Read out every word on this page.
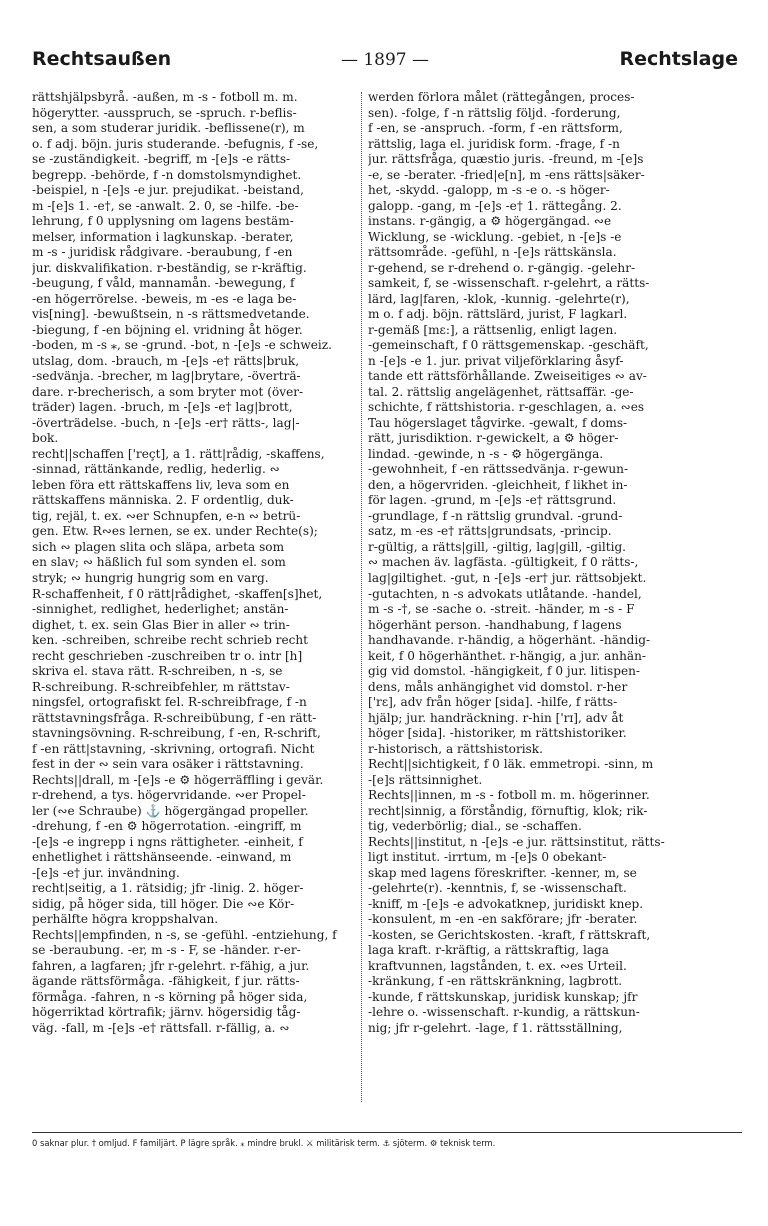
Rechtsaußen	— 1897 —	Rechtslage
rättshjälpsbyrå. -außen, m -s - fotboll m. m.
högerytter. -ausspruch, se -spruch. r-beflis-
sen, a som studerar juridik. -beflissene(r), m
o. f adj. böjn. juris studerande. -befugnis, f -se,
se -zuständigkeit. -begriff, m -[e]s -e rätts-
begrepp. -behörde, f -n domstolsmyndighet.
-beispiel, n -[e]s -e jur. prejudikat. -beistand,
m -[e]s 1. -e†, se -anwalt. 2. 0, se -hilfe. -be-
lehrung, f 0 upplysning om lagens bestäm-
melser, information i lagkunskap. -berater,
m -s - juridisk rådgivare. -beraubung, f -en
jur. diskvalifikation. r-beständig, se r-kräftig.
-beugung, f våld, mannamån. -bewegung, f
-en högerrörelse. -beweis, m -es -e laga be-
vis[ning]. -bewußtsein, n -s rättsmedvetande.
-biegung, f -en böjning el. vridning åt höger.
-boden, m -s ⁎, se -grund. -bot, n -[e]s -e schweiz.
utslag, dom. -brauch, m -[e]s -e† rätts|bruk,
-sedvänja. -brecher, m lag|brytare, -överträ-
dare. r-brecherisch, a som bryter mot (över-
träder) lagen. -bruch, m -[e]s -e† lag|brott,
-överträdelse. -buch, n -[e]s -er† rätts-, lag|-
bok.
recht||schaffen ['reçt], a 1. rätt|rådig, -skaffens,
-sinnad, rättänkande, redlig, hederlig. ∾
leben föra ett rättskaffens liv, leva som en
rättskaffens människa. 2. F ordentlig, duk-
tig, rejäl, t. ex. ∾er Schnupfen, e-n ∾ betrü-
gen. Etw. R∾es lernen, se ex. under Rechte(s);
sich ∾ plagen slita och släpa, arbeta som
en slav; ∾ häßlich ful som synden el. som
stryk; ∾ hungrig hungrig som en varg.
R-schaffenheit, f 0 rätt|rådighet, -skaffen[s]het,
-sinnighet, redlighet, hederlighet; anstän-
dighet, t. ex. sein Glas Bier in aller ∾ trin-
ken. -schreiben, schreibe recht schrieb recht
recht geschrieben -zuschreiben tr o. intr [h]
skriva el. stava rätt. R-schreiben, n -s, se
R-schreibung. R-schreibfehler, m rättstav-
ningsfel, ortografiskt fel. R-schreibfrage, f -n
rättstavningsfråga. R-schreibübung, f -en rätt-
stavningsövning. R-schreibung, f -en, R-schrift,
f -en rätt|stavning, -skrivning, ortografi. Nicht
fest in der ∾ sein vara osäker i rättstavning.
Rechts||drall, m -[e]s -e ⚙ högerräffling i gevär.
r-drehend, a tys. högervridande. ∾er Propel-
ler (∾e Schraube) ⚓ högergängad propeller.
-drehung, f -en ⚙ högerrotation. -eingriff, m
-[e]s -e ingrepp i ngns rättigheter. -einheit, f
enhetlighet i rättshänseende. -einwand, m
-[e]s -e† jur. invändning.
recht|seitig, a 1. rätsidig; jfr -linig. 2. höger-
sidig, på höger sida, till höger. Die ∾e Kör-
perhälfte högra kroppshalvan.
Rechts||empfinden, n -s, se -gefühl. -entziehung, f
se -beraubung. -er, m -s - F, se -händer. r-er-
fahren, a lagfaren; jfr r-gelehrt. r-fähig, a jur.
ägande rättsförmåga. -fähigkeit, f jur. rätts-
förmåga. -fahren, n -s körning på höger sida,
högerriktad körtrafik; järnv. högersidig tåg-
väg. -fall, m -[e]s -e† rättsfall. r-fällig, a. ∾
werden förlora målet (rättegången, proces-
sen). -folge, f -n rättslig följd. -forderung,
f -en, se -anspruch. -form, f -en rättsform,
rättslig, laga el. juridisk form. -frage, f -n
jur. rättsfråga, quæstio juris. -freund, m -[e]s
-e, se -berater. -fried|e[n], m -ens rätts|säker-
het, -skydd. -galopp, m -s -e o. -s höger-
galopp. -gang, m -[e]s -e† 1. rättegång. 2.
instans. r-gängig, a ⚙ högergängad. ∾e
Wicklung, se -wicklung. -gebiet, n -[e]s -e
rättsområde. -gefühl, n -[e]s rättskänsla.
r-gehend, se r-drehend o. r-gängig. -gelehr-
samkeit, f, se -wissenschaft. r-gelehrt, a rätts-
lärd, lag|faren, -klok, -kunnig. -gelehrte(r),
m o. f adj. böjn. rättslärd, jurist, F lagkarl.
r-gemäß [mɛ:], a rättsenlig, enligt lagen.
-gemeinschaft, f 0 rättsgemenskap. -geschäft,
n -[e]s -e 1. jur. privat viljeförklaring åsyf-
tande ett rättsförhållande. Zweiseitiges ∾ av-
tal. 2. rättslig angelägenhet, rättsaffär. -ge-
schichte, f rättshistoria. r-geschlagen, a. ∾es
Tau högerslaget tågvirke. -gewalt, f doms-
rätt, jurisdiktion. r-gewickelt, a ⚙ höger-
lindad. -gewinde, n -s - ⚙ högergänga.
-gewohnheit, f -en rättssedvänja. r-gewun-
den, a högervriden. -gleichheit, f likhet in-
för lagen. -grund, m -[e]s -e† rättsgrund.
-grundlage, f -n rättslig grundval. -grund-
satz, m -es -e† rätts|grundsats, -princip.
r-gültig, a rätts|gill, -giltig, lag|gill, -giltig.
∾ machen äv. lagfästa. -gültigkeit, f 0 rätts-,
lag|giltighet. -gut, n -[e]s -er† jur. rättsobjekt.
-gutachten, n -s advokats utlåtande. -handel,
m -s -†, se -sache o. -streit. -händer, m -s - F
högerhänt person. -handhabung, f lagens
handhavande. r-händig, a högerhänt. -händig-
keit, f 0 högerhänthet. r-hängig, a jur. anhän-
gig vid domstol. -hängigkeit, f 0 jur. litispen-
dens, måls anhängighet vid domstol. r-her
['rɛ], adv från höger [sida]. -hilfe, f rätts-
hjälp; jur. handräckning. r-hin ['rɪ], adv åt
höger [sida]. -historiker, m rättshistoriker.
r-historisch, a rättshistorisk.
Recht||sichtigkeit, f 0 läk. emmetropi. -sinn, m
-[e]s rättsinnighet.
Rechts||innen, m -s - fotboll m. m. högerinner.
recht|sinnig, a förståndig, förnuftig, klok; rik-
tig, vederbörlig; dial., se -schaffen.
Rechts||institut, n -[e]s -e jur. rättsinstitut, rätts-
ligt institut. -irrtum, m -[e]s 0 obekant-
skap med lagens föreskrifter. -kenner, m, se
-gelehrte(r). -kenntnis, f, se -wissenschaft.
-kniff, m -[e]s -e advokatknep, juridiskt knep.
-konsulent, m -en -en sakförare; jfr -berater.
-kosten, se Gerichtskosten. -kraft, f rättskraft,
laga kraft. r-kräftig, a rättskraftig, laga
kraftvunnen, lagstånden, t. ex. ∾es Urteil.
-kränkung, f -en rättskränkning, lagbrott.
-kunde, f rättskunskap, juridisk kunskap; jfr
-lehre o. -wissenschaft. r-kundig, a rättskun-
nig; jfr r-gelehrt. -lage, f 1. rättsställning,
0 saknar plur. † omljud. F familjärt. P lägre språk. ⁎ mindre brukl. ⚔ militärisk term. ⚓ sjöterm. ⚙ teknisk term.
